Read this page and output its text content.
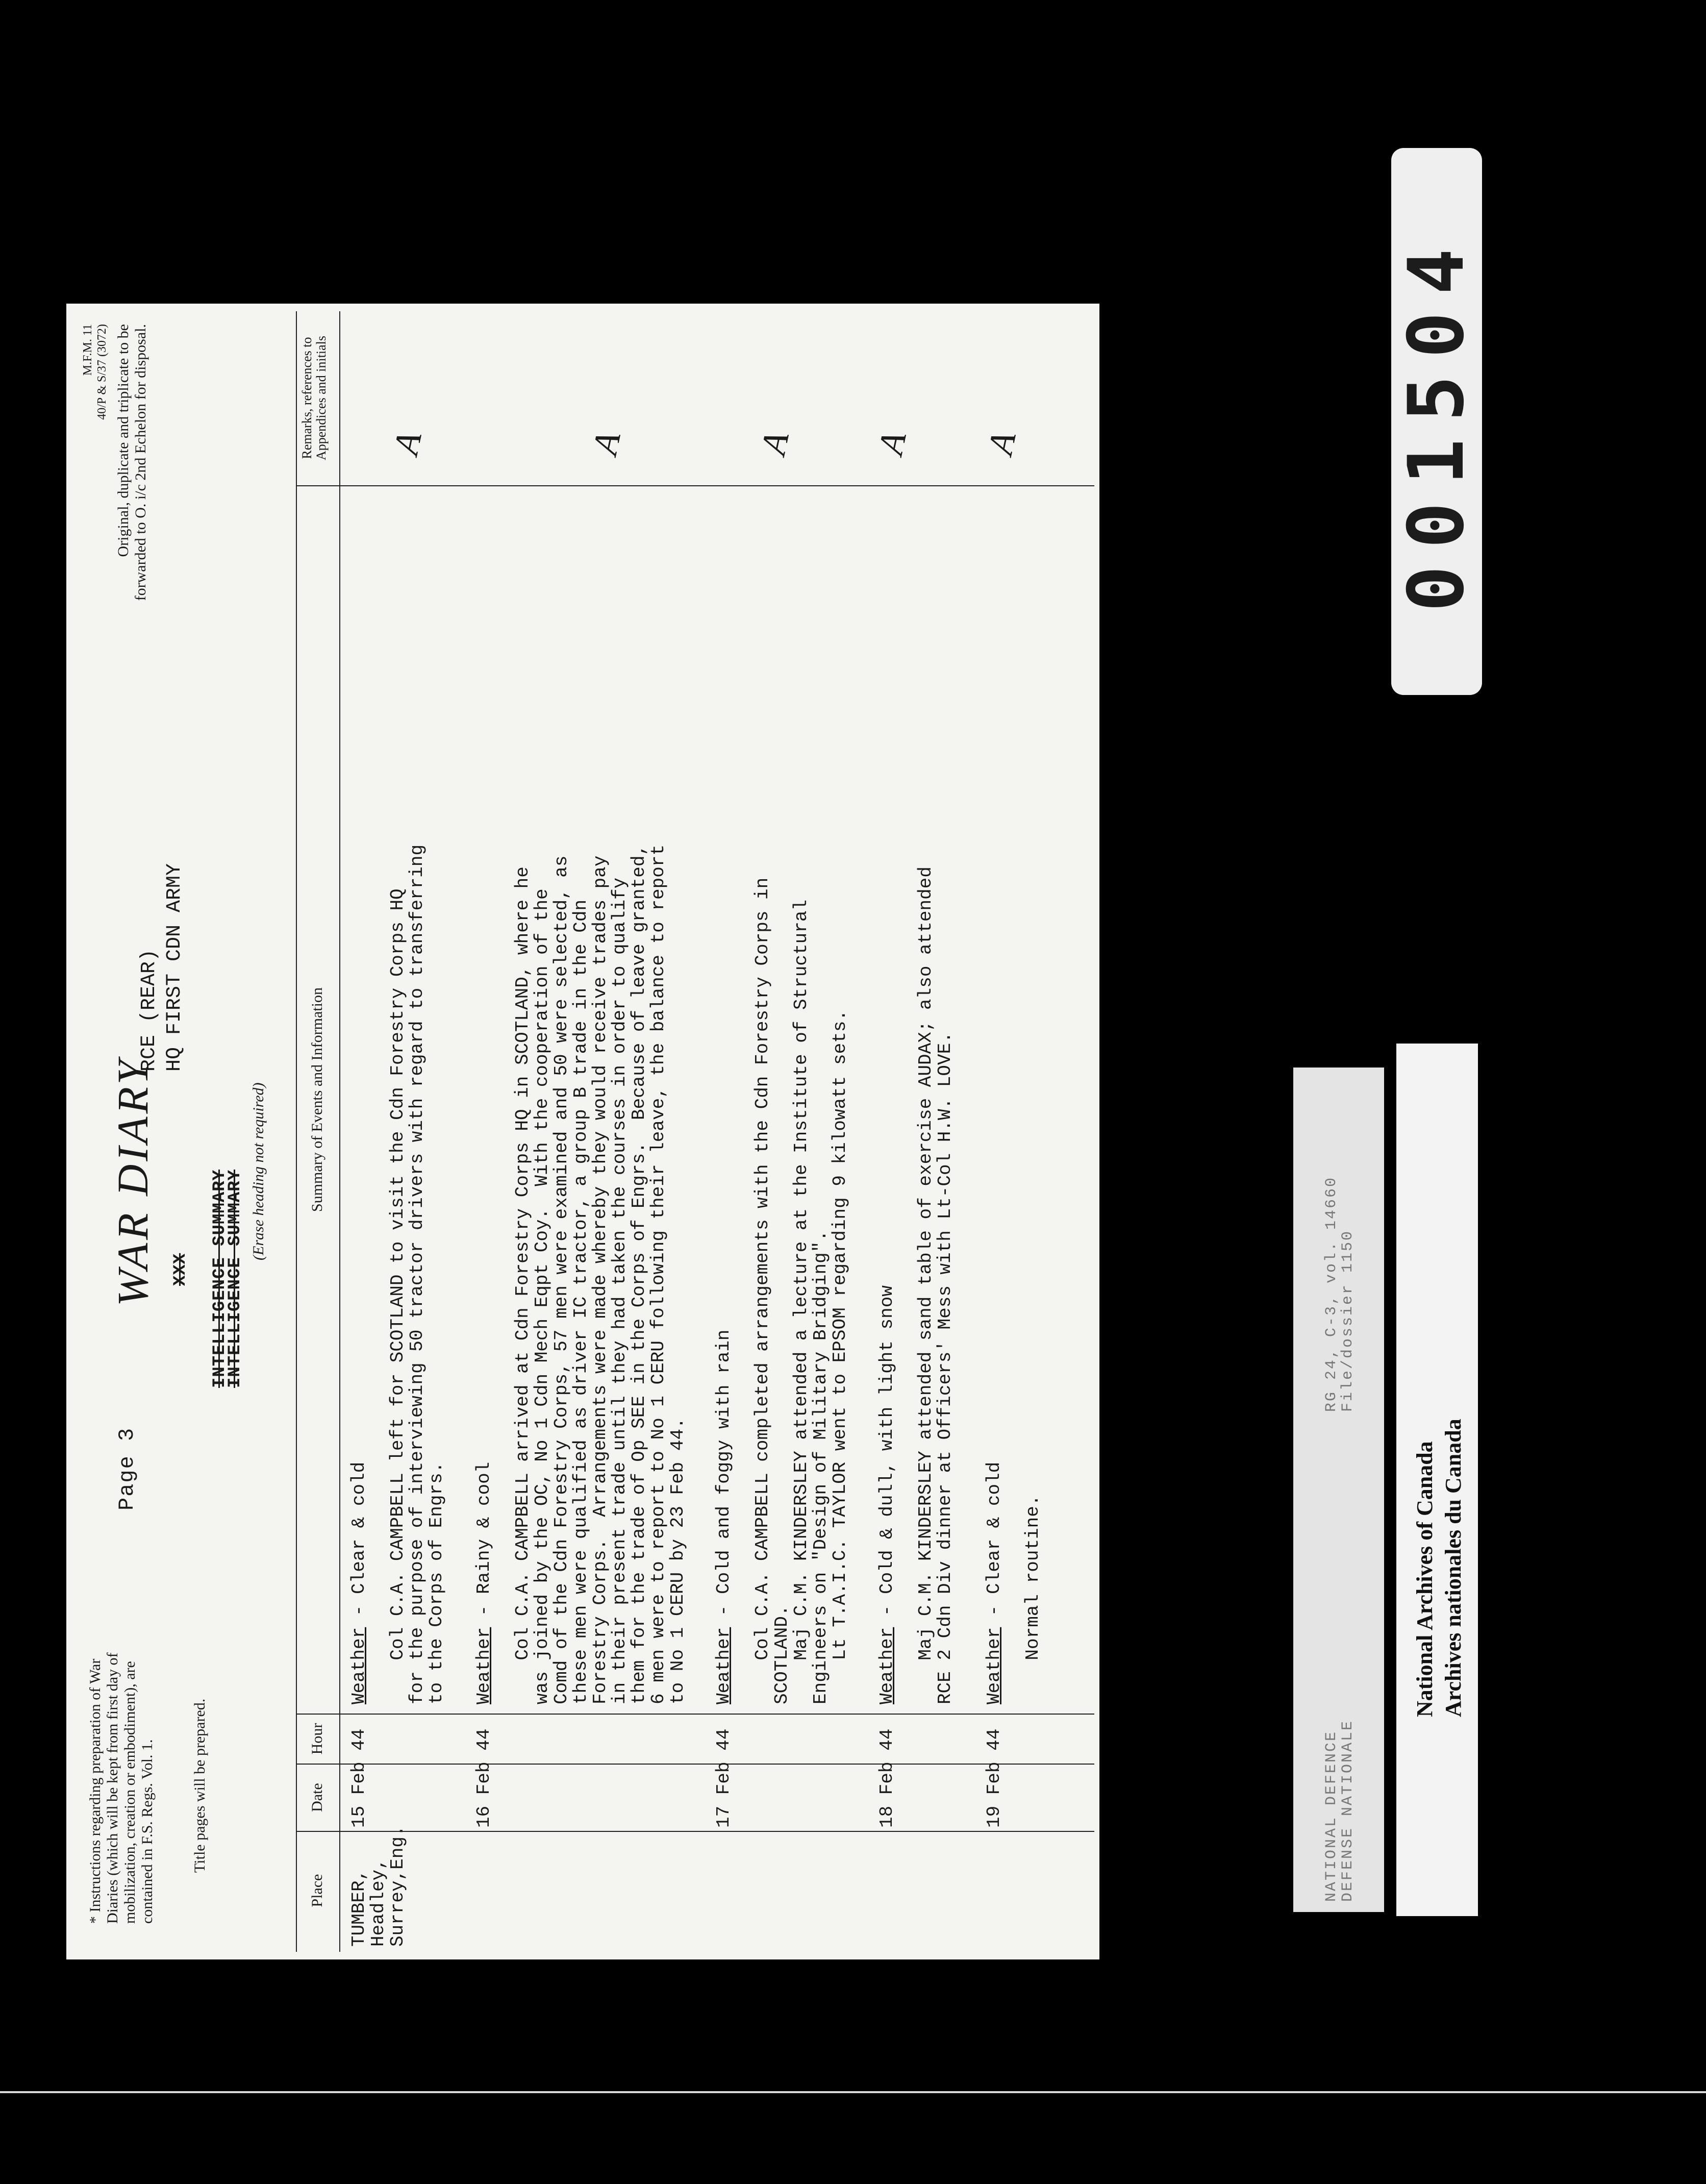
* Instructions regarding preparation of War Diaries (which will be kept from first day of mobilization, creation or embodiment), are contained in F.S. Regs. Vol. 1. Title pages will be prepared.
Page 3
WAR DIARY XXX INTELLIGENCE SUMMARY
INTELLIGENCE SUMMARY
RCE (REAR) HQ FIRST CDN ARMY
(Erase heading not required)
M.F.M. 11 40/P & S/37 (3072) Original, duplicate and triplicate to be forwarded to O. i/c 2nd Echelon for disposal.
Place
Date
Hour
Summary of Events and Information
Remarks, references to Appendices and initials
TUMBER,
Headley,
Surrey,Eng.
15 Feb 44
Weather - Clear & cold Col C.A. CAMPBELL left for SCOTLAND to visit the Cdn Forestry Corps HQ
for the purpose of interviewing 50 tractor drivers with regard to transferring
to the Corps of Engrs.
A
16 Feb 44
Weather - Rainy & cool Col C.A. CAMPBELL arrived at Cdn Forestry Corps HQ in SCOTLAND, where he
was joined by the OC, No 1 Cdn Mech Eqpt Coy.  With the cooperation of the
Comd of the Cdn Forestry Corps, 57 men were examined and 50 were selected, as
these men were qualified as driver IC tractor, a group B trade in the Cdn
Forestry Corps.  Arrangements were made whereby they would receive trades pay
in their present trade until they had taken the courses in order to qualify
them for the trade of Op SEE in the Corps of Engrs.  Because of leave granted,
6 men were to report to No 1 CERU following their leave, the balance to report
to No 1 CERU by 23 Feb 44.
A
17 Feb 44
Weather - Cold and foggy with rain Col C.A. CAMPBELL completed arrangements with the Cdn Forestry Corps in
SCOTLAND.
Maj C.M. KINDERSLEY attended a lecture at the Institute of Structural
Engineers on "Design of Military Bridging".
Lt T.A.I.C. TAYLOR went to EPSOM regarding 9 kilowatt sets.
A
18 Feb 44
Weather - Cold & dull, with light snow Maj C.M. KINDERSLEY attended sand table of exercise AUDAX; also attended
RCE 2 Cdn Div dinner at Officers' Mess with Lt-Col H.W. LOVE.
A
19 Feb 44
Weather - Clear & cold Normal routine.
A	001504
NATIONAL DEFENCE
DEFENSE NATIONALE
RG 24, C-3, vol. 14660
File/dossier 1150
National Archives of Canada Archives nationales du Canada
